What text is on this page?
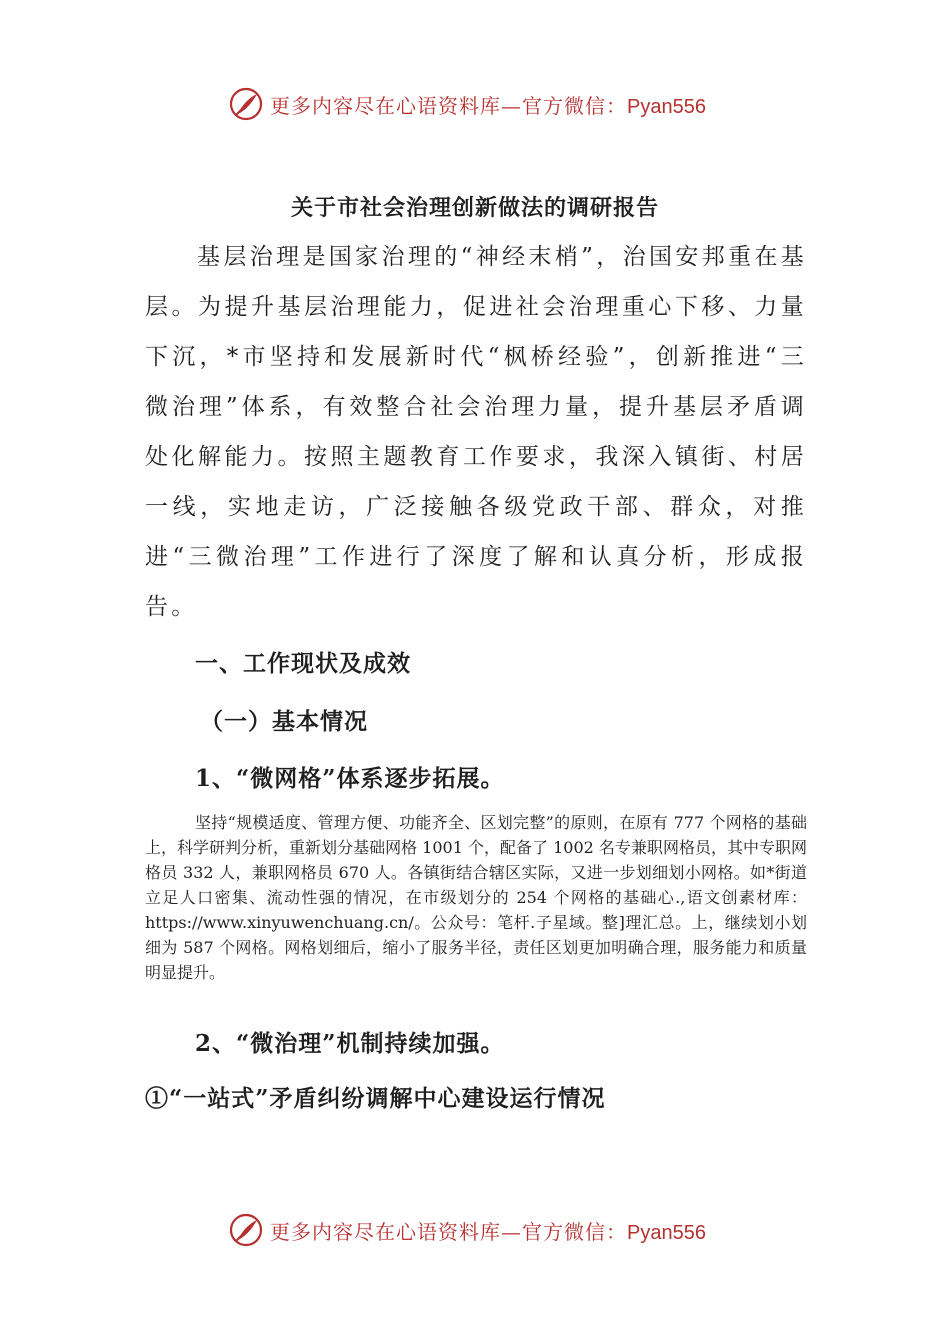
更多内容尽在心语资料库—官方微信：Pyan556
关于市社会治理创新做法的调研报告

基层治理是国家治理的“神经末梢”，治国安邦重在基层。为提升基层治理能力，促进社会治理重心下移、力量下沉，*市坚持和发展新时代“枫桥经验”，创新推进“三微治理”体系，有效整合社会治理力量，提升基层矛盾调处化解能力。按照主题教育工作要求，我深入镇街、村居一线，实地走访，广泛接触各级党政干部、群众，对推进“三微治理”工作进行了深度了解和认真分析，形成报告。

一、工作现状及成效
（一）基本情况
1、“微网格”体系逐步拓展。

坚持“规模适度、管理方便、功能齐全、区划完整”的原则，在原有 777 个网格的基础上，科学研判分析，重新划分基础网格 1001 个，配备了 1002 名专兼职网格员，其中专职网格员 332 人，兼职网格员 670 人。各镇街结合辖区实际，又进一步划细划小网格。如*街道立足人口密集、流动性强的情况，在市级划分的 254 个网格的基础心.,语文创素材库：https://www.xinyuwenchuang.cn/。公众号：笔杆.子星域。整]理汇总。上，继续划小划细为 587 个网格。网格划细后，缩小了服务半径，责任区划更加明确合理，服务能力和质量明显提升。

2、“微治理”机制持续加强。
①“一站式”矛盾纠纷调解中心建设运行情况
更多内容尽在心语资料库—官方微信：Pyan556
